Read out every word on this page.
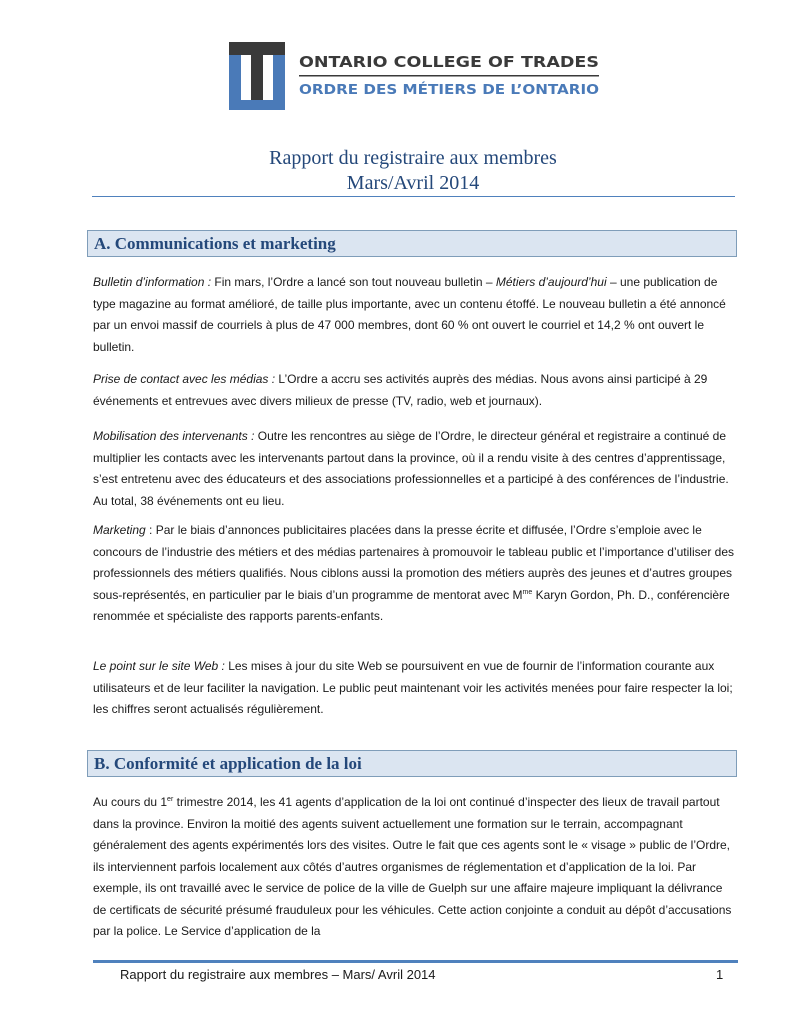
ONTARIO COLLEGE OF TRADES
ORDRE DES MÉTIERS DE L’ONTARIO
Rapport du registraire aux membres
Mars/Avril 2014
A. Communications et marketing

Bulletin d’information : Fin mars, l’Ordre a lancé son tout nouveau bulletin – Métiers d’aujourd’hui – une publication de type magazine au format amélioré, de taille plus importante, avec un contenu étoffé. Le nouveau bulletin a été annoncé par un envoi massif de courriels à plus de 47 000 membres, dont 60 % ont ouvert le courriel et 14,2 % ont ouvert le bulletin.

Prise de contact avec les médias : L’Ordre a accru ses activités auprès des médias. Nous avons ainsi participé à 29 événements et entrevues avec divers milieux de presse (TV, radio, web et journaux).

Mobilisation des intervenants : Outre les rencontres au siège de l’Ordre, le directeur général et registraire a continué de multiplier les contacts avec les intervenants partout dans la province, où il a rendu visite à des centres d’apprentissage, s’est entretenu avec des éducateurs et des associations professionnelles et a participé à des conférences de l’industrie. Au total, 38 événements ont eu lieu.

Marketing : Par le biais d’annonces publicitaires placées dans la presse écrite et diffusée, l’Ordre s’emploie avec le concours de l’industrie des métiers et des médias partenaires à promouvoir le tableau public et l’importance d’utiliser des professionnels des métiers qualifiés. Nous ciblons aussi la promotion des métiers auprès des jeunes et d’autres groupes sous-représentés, en particulier par le biais d’un programme de mentorat avec $M^{me}$ Karyn Gordon, Ph. D., conférencière renommée et spécialiste des rapports parents-enfants.

Le point sur le site Web : Les mises à jour du site Web se poursuivent en vue de fournir de l’information courante aux utilisateurs et de leur faciliter la navigation. Le public peut maintenant voir les activités menées pour faire respecter la loi; les chiffres seront actualisés régulièrement.

B. Conformité et application de la loi

Au cours du 1er trimestre 2014, les 41 agents d’application de la loi ont continué d’inspecter des lieux de travail partout dans la province. Environ la moitié des agents suivent actuellement une formation sur le terrain, accompagnant généralement des agents expérimentés lors des visites. Outre le fait que ces agents sont le « visage » public de l’Ordre, ils interviennent parfois localement aux côtés d’autres organismes de réglementation et d’application de la loi. Par exemple, ils ont travaillé avec le service de police de la ville de Guelph sur une affaire majeure impliquant la délivrance de certificats de sécurité présumé frauduleux pour les véhicules. Cette action conjointe a conduit au dépôt d’accusations par la police. Le Service d’application de la

Rapport du registraire aux membres – Mars/ Avril 2014	1
